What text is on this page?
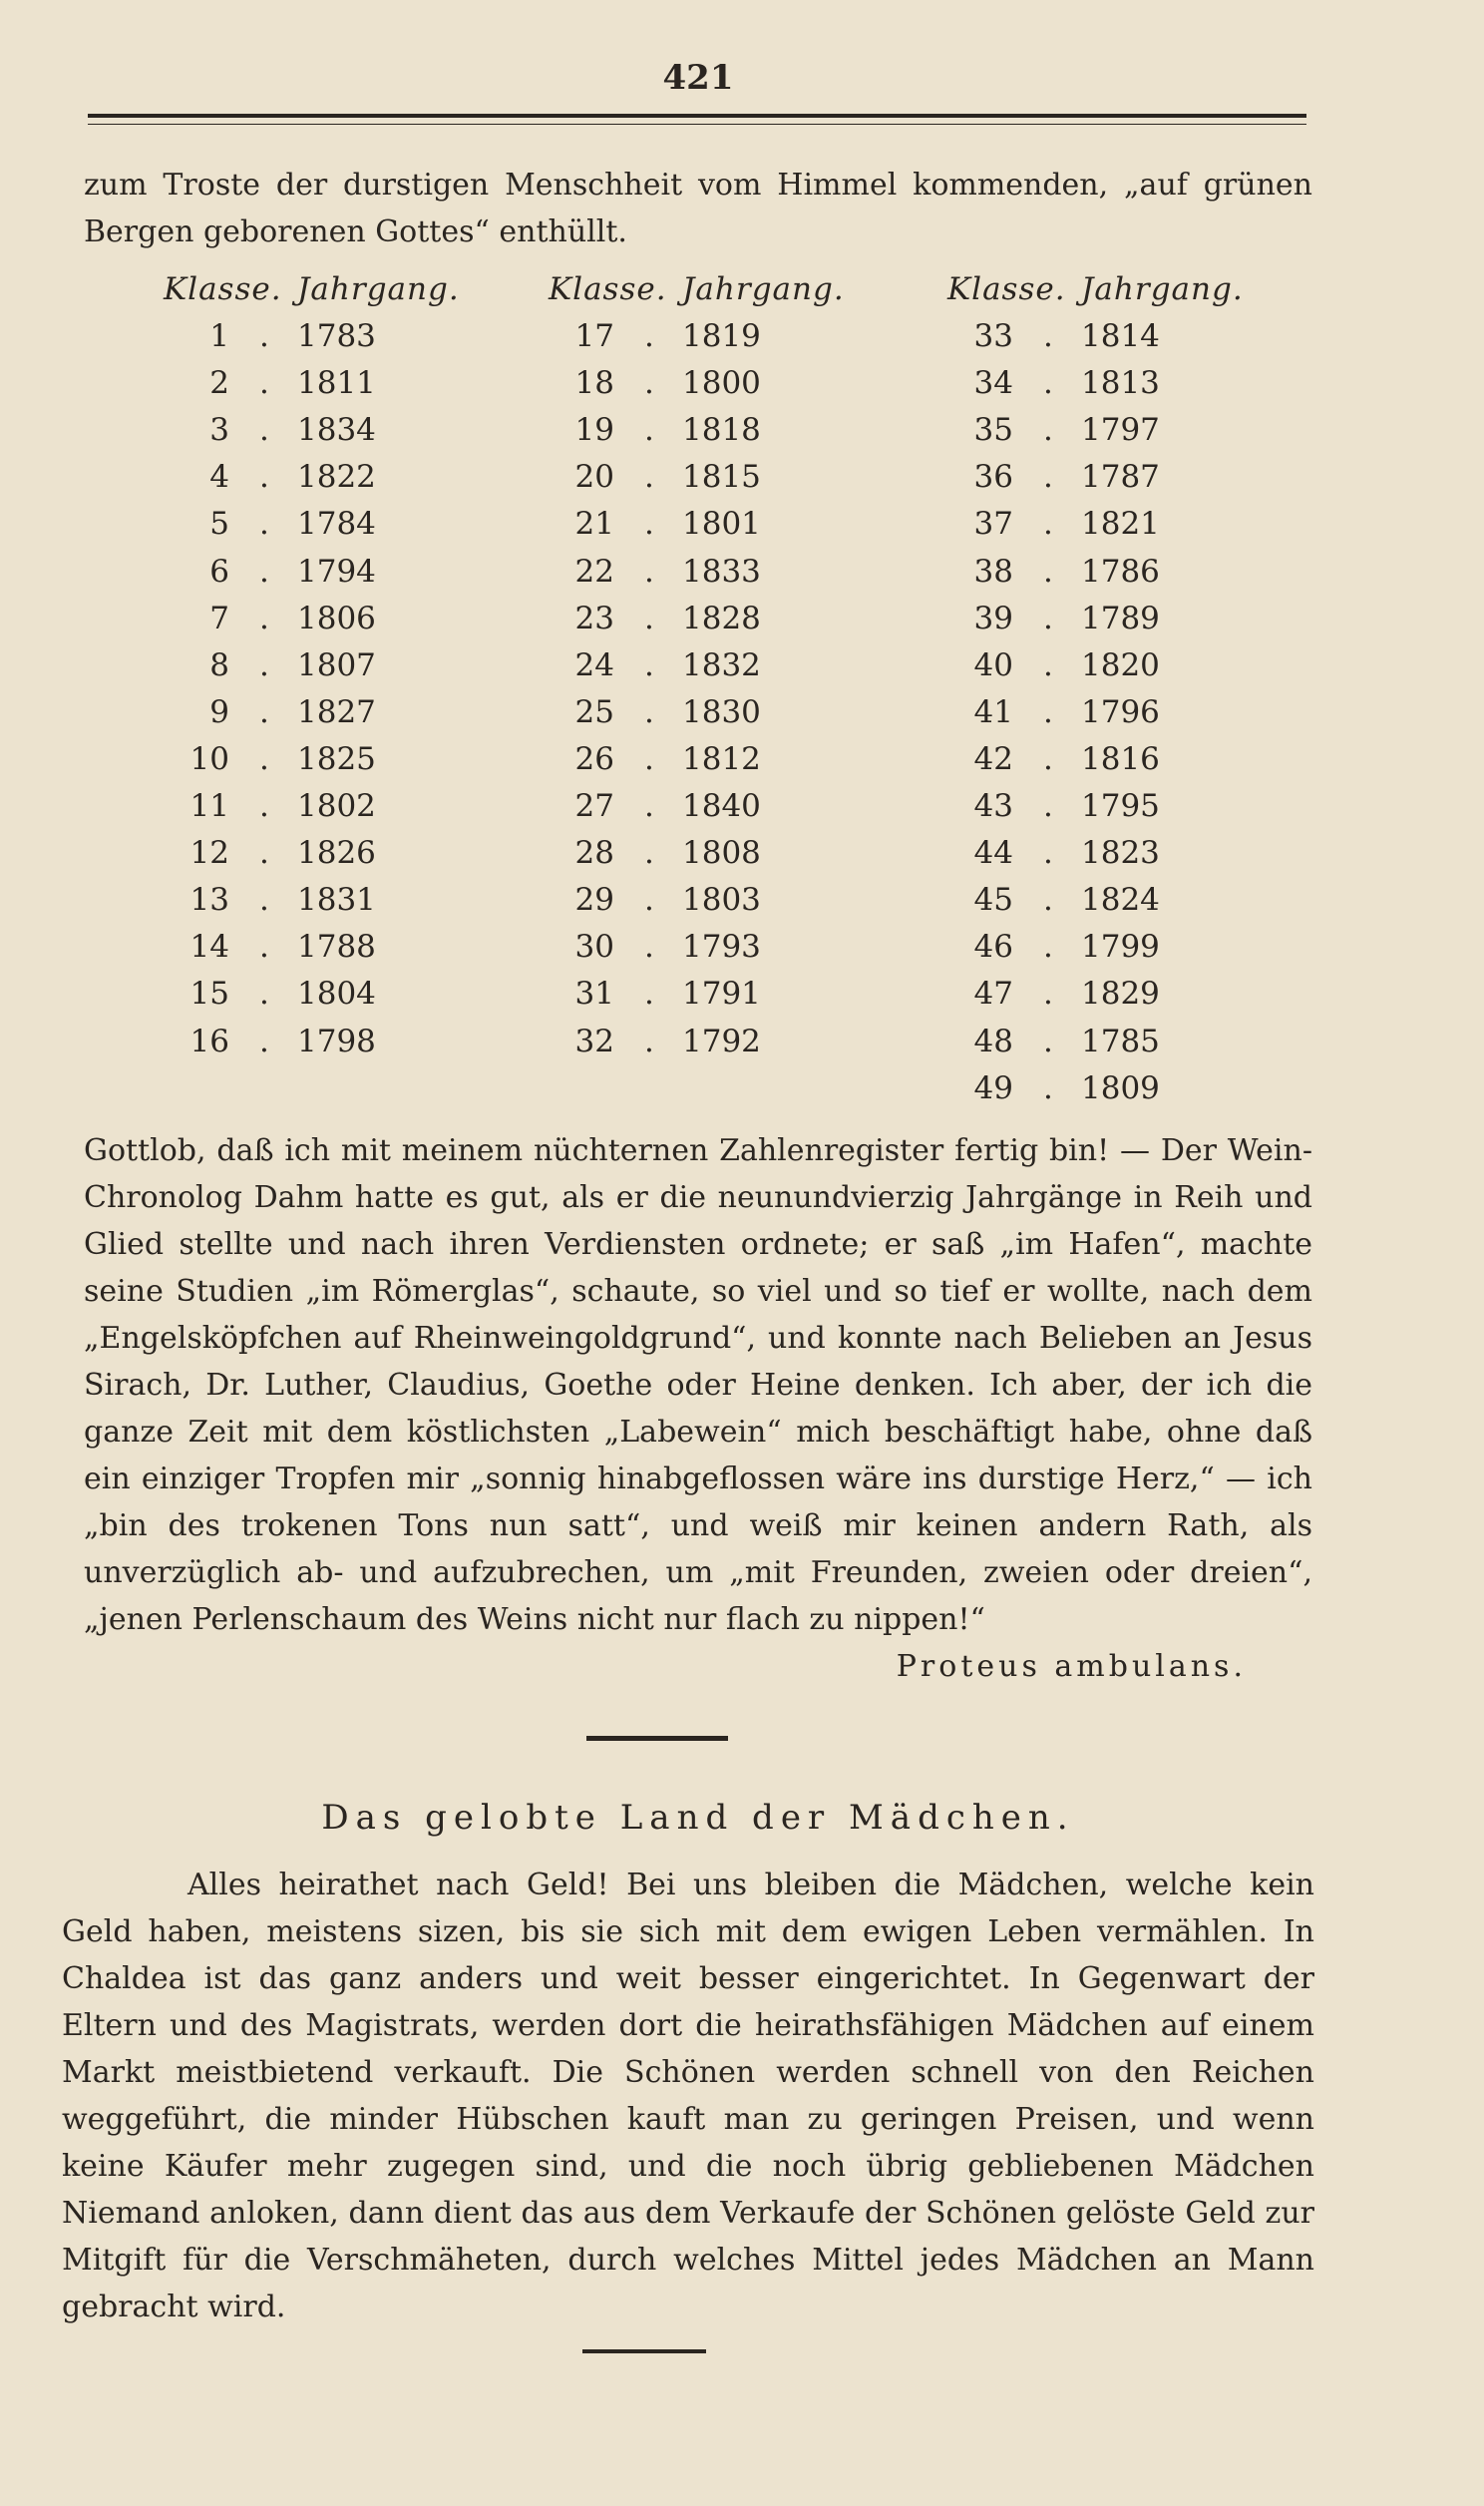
421

zum Troste der durstigen Menschheit vom Himmel kommenden, „auf grünen Bergen geborenen Gottes“ enthüllt.

Klasse. Jahrgang.
1 . 1783
2 . 1811
3 . 1834
4 . 1822
5 . 1784
6 . 1794
7 . 1806
8 . 1807
9 . 1827
10 . 1825
11 . 1802
12 . 1826
13 . 1831
14 . 1788
15 . 1804
16 . 1798
Klasse. Jahrgang.
17 . 1819
18 . 1800
19 . 1818
20 . 1815
21 . 1801
22 . 1833
23 . 1828
24 . 1832
25 . 1830
26 . 1812
27 . 1840
28 . 1808
29 . 1803
30 . 1793
31 . 1791
32 . 1792
Klasse. Jahrgang.
33 . 1814
34 . 1813
35 . 1797
36 . 1787
37 . 1821
38 . 1786
39 . 1789
40 . 1820
41 . 1796
42 . 1816
43 . 1795
44 . 1823
45 . 1824
46 . 1799
47 . 1829
48 . 1785
49 . 1809

Gottlob, daß ich mit meinem nüchternen Zahlenregister fertig bin! — Der Wein-Chronolog Dahm hatte es gut, als er die neunundvierzig Jahrgänge in Reih und Glied stellte und nach ihren Verdiensten ordnete; er saß „im Hafen“, machte seine Studien „im Römerglas“, schaute, so viel und so tief er wollte, nach dem „Engelsköpfchen auf Rheinweingoldgrund“, und konnte nach Belieben an Jesus Sirach, Dr. Luther, Claudius, Goethe oder Heine denken. Ich aber, der ich die ganze Zeit mit dem köstlichsten „Labewein“ mich beschäftigt habe, ohne daß ein einziger Tropfen mir „sonnig hinabgeflossen wäre ins durstige Herz,“ — ich „bin des trokenen Tons nun satt“, und weiß mir keinen andern Rath, als unverzüglich ab- und aufzubrechen, um „mit Freunden, zweien oder dreien“, „jenen Perlenschaum des Weins nicht nur flach zu nippen!“
Proteus ambulans.

Das gelobte Land der Mädchen.

Alles heirathet nach Geld! Bei uns bleiben die Mädchen, welche kein Geld haben, meistens sizen, bis sie sich mit dem ewigen Leben vermählen. In Chaldea ist das ganz anders und weit besser eingerichtet. In Gegenwart der Eltern und des Magistrats, werden dort die heirathsfähigen Mädchen auf einem Markt meistbietend verkauft. Die Schönen werden schnell von den Reichen weggeführt, die minder Hübschen kauft man zu geringen Preisen, und wenn keine Käufer mehr zugegen sind, und die noch übrig gebliebenen Mädchen Niemand anloken, dann dient das aus dem Verkaufe der Schönen gelöste Geld zur Mitgift für die Verschmäheten, durch welches Mittel jedes Mädchen an Mann gebracht wird.
